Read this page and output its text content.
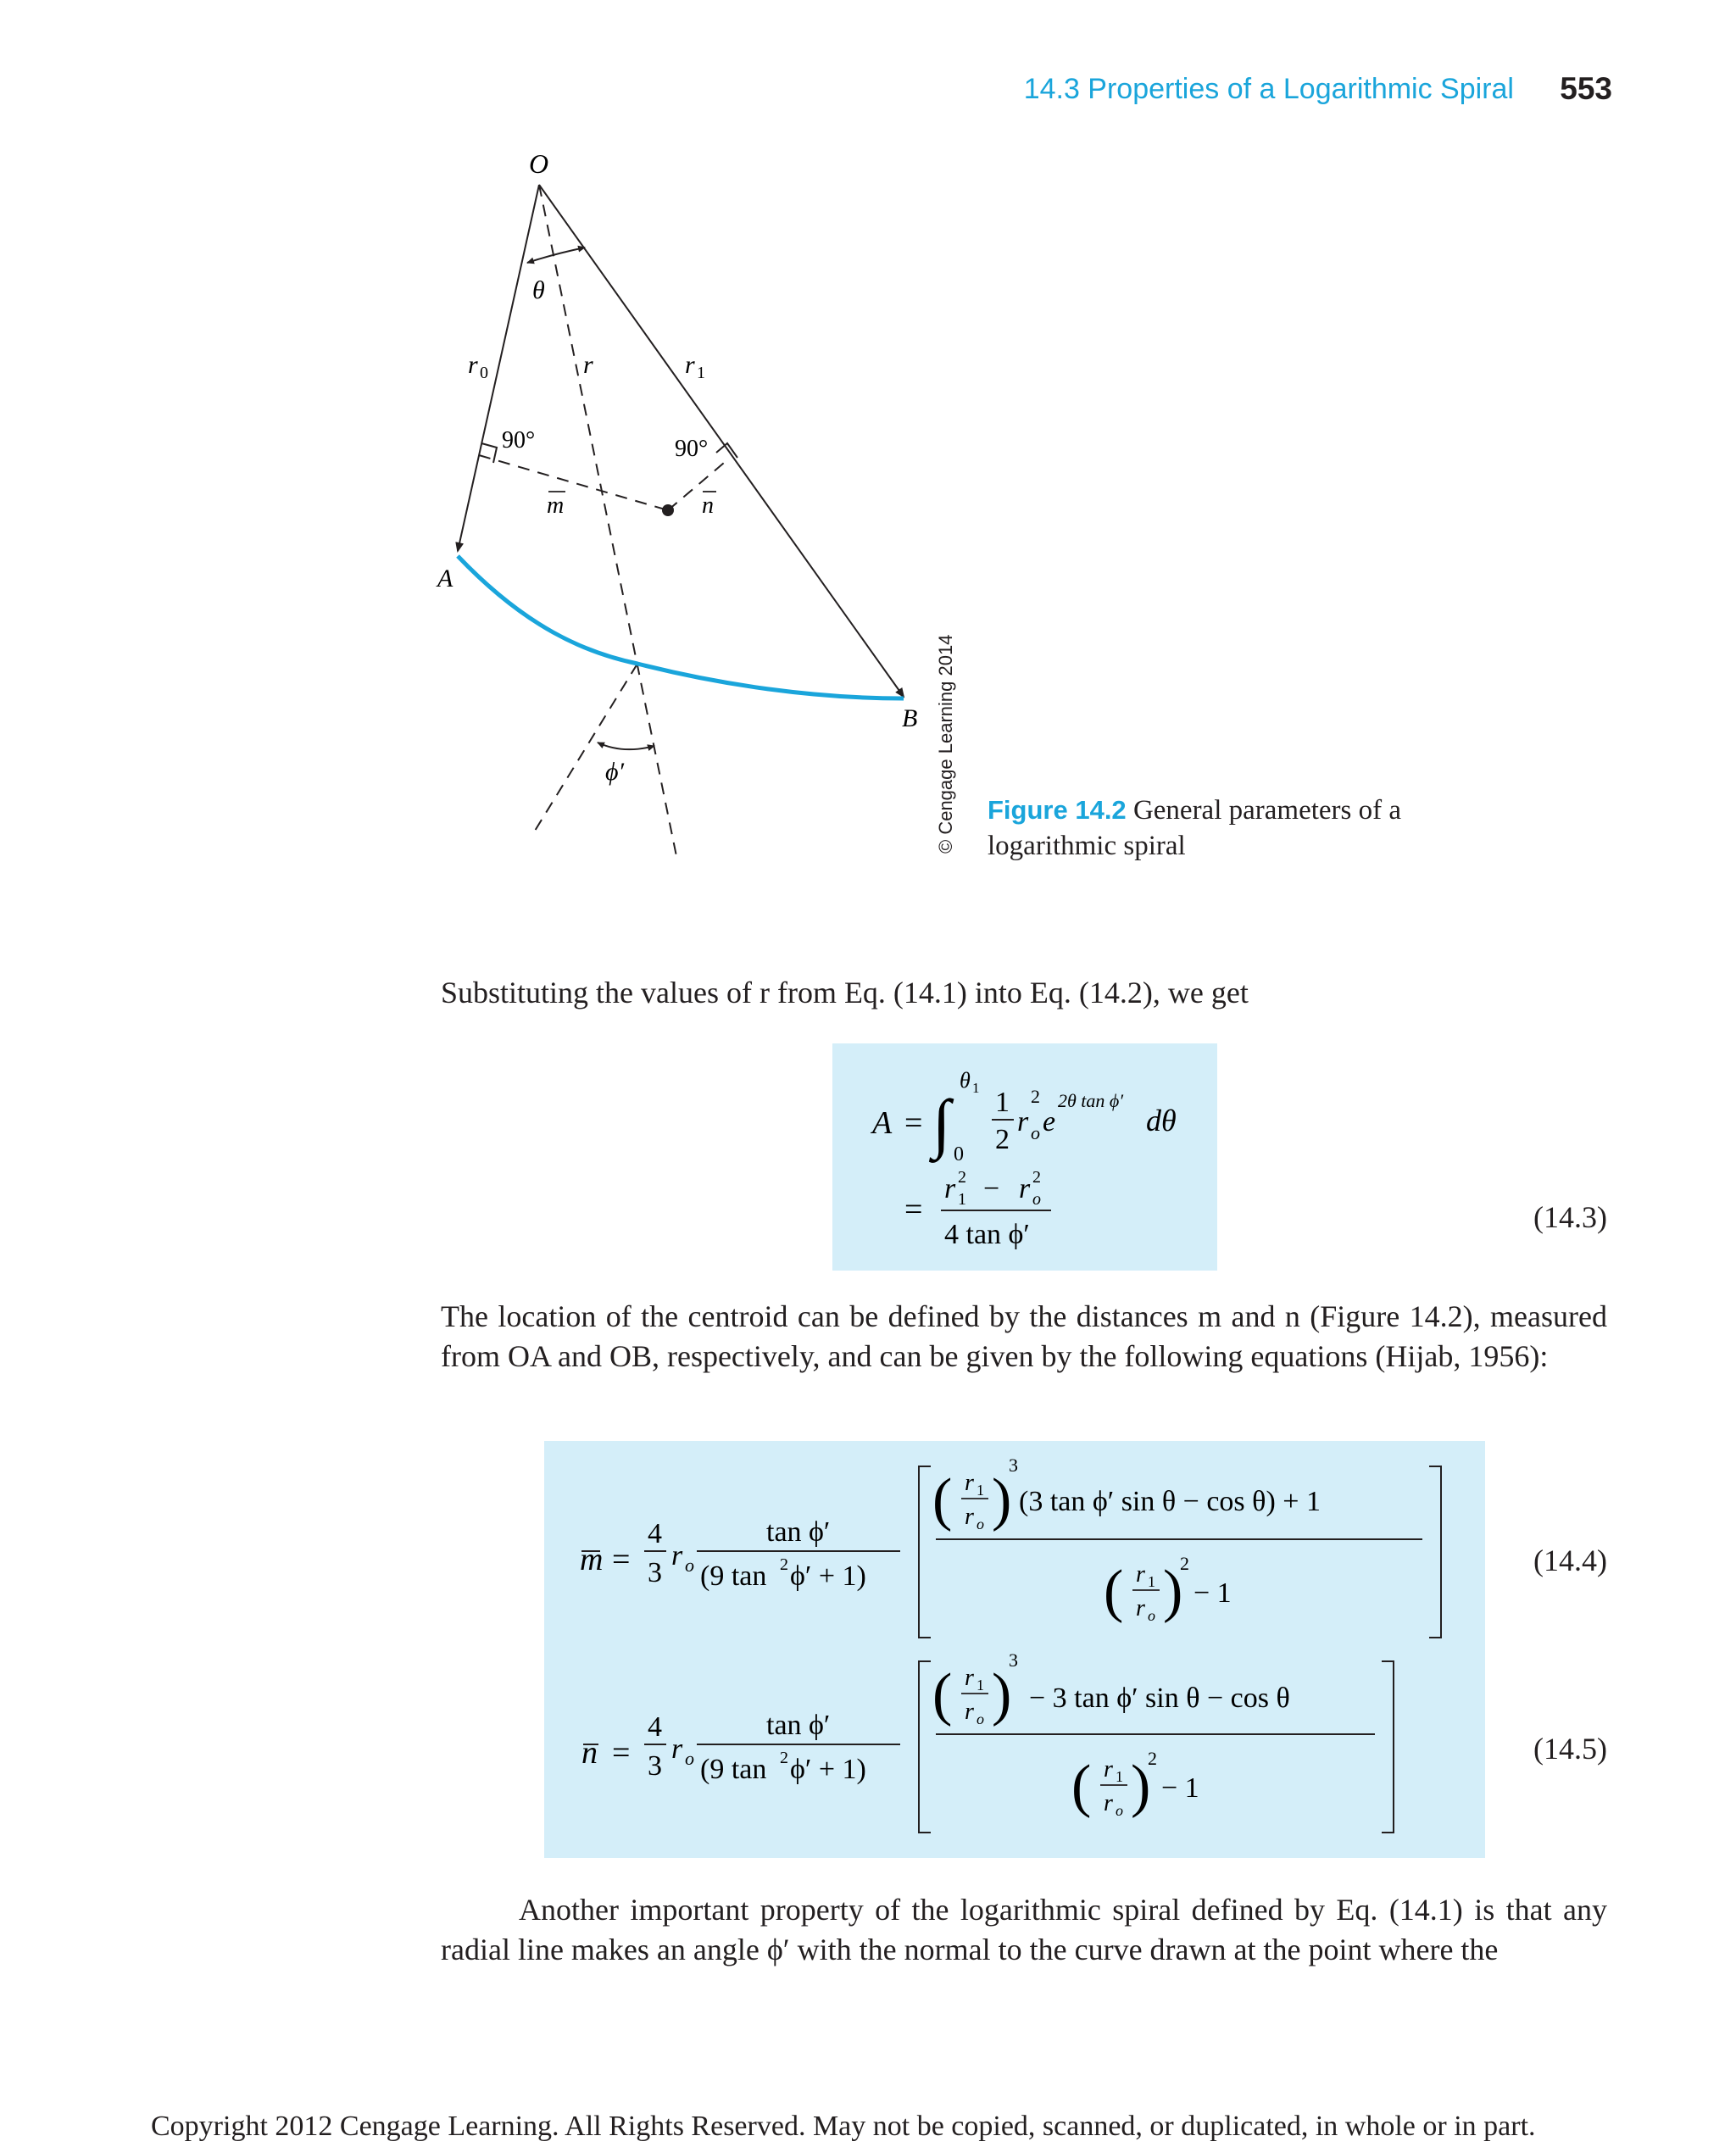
14.3 Properties of a Logarithmic Spiral 553
O
θ
r 0	r	r 1
90°	90°
m	n
A
B
ϕ′	© Cengage Learning 2014 Figure 14.2 General parameters of a logarithmic spiral

Substituting the values of r from Eq. (14.1) into Eq. (14.2), we get

A = ∫
θ 1
0
1
2
r
2
o e
2θ tan ϕ′
dθ
=
r 2
1 − r 2
o
4 tan ϕ′
(14.3)

The location of the centroid can be defined by the distances m and n (Figure 14.2), measured from OA and OB, respectively, and can be given by the following equations (Hijab, 1956):

m =
4
3
r o
tan ϕ′
(9 tan 2 ϕ′ + 1)
( r 1
r o )
3
(3 tan ϕ′ sin θ − cos θ) + 1
( r 1
r o )
2
− 1
(14.4)
n =
4
3
r o
tan ϕ′
(9 tan 2 ϕ′ + 1)
( r 1
r o )
3
− 3 tan ϕ′ sin θ − cos θ
( r 1
r o )
2
− 1
(14.5)

Another important property of the logarithmic spiral defined by Eq. (14.1) is that any radial line makes an angle ϕ′ with the normal to the curve drawn at the point where the

Copyright 2012 Cengage Learning. All Rights Reserved. May not be copied, scanned, or duplicated, in whole or in part.
